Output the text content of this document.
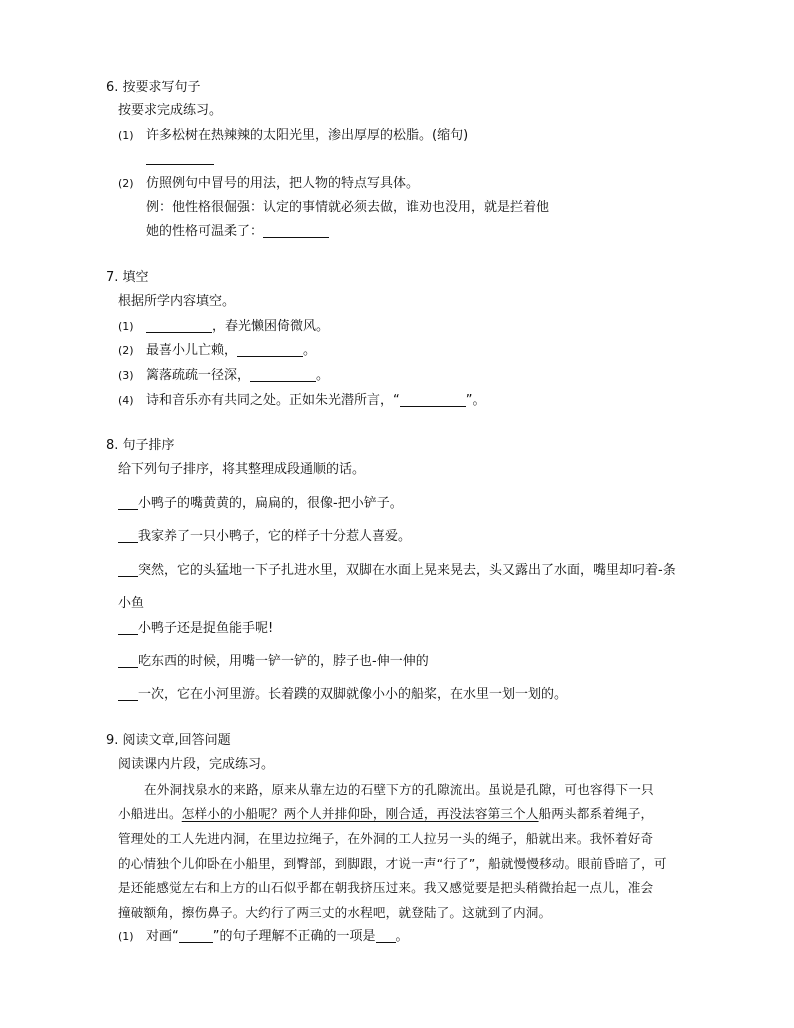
6. 按要求写句子
按要求完成练习。
(1) 许多松树在热辣辣的太阳光里，渗出厚厚的松脂。(缩句)
(2) 仿照例句中冒号的用法，把人物的特点写具体。
例：他性格很倔强：认定的事情就必须去做，谁劝也没用，就是拦着他
她的性格可温柔了：
7. 填空
根据所学内容填空。
(1)	，春光懒困倚微风。
(2) 最喜小儿亡赖，	。
(3) 篱落疏疏一径深，	。
(4) 诗和音乐亦有共同之处。正如朱光潜所言，“	”。
8. 句子排序
给下列句子排序，将其整理成段通顺的话。
小鸭子的嘴黄黄的，扁扁的，很像-把小铲子。
我家养了一只小鸭子，它的样子十分惹人喜爱。
突然，它的头猛地一下子扎进水里，双脚在水面上晃来晃去，头又露出了水面，嘴里却叼着-条
小鱼
小鸭子还是捉鱼能手呢!
吃东西的时候，用嘴一铲一铲的，脖子也-伸一伸的
一次，它在小河里游。长着蹼的双脚就像小小的船桨，在水里一划一划的。
9. 阅读文章,回答问题
阅读课内片段，完成练习。
在外洞找泉水的来路，原来从靠左边的石壁下方的孔隙流出。虽说是孔隙，可也容得下一只
小船进出。怎样小的小船呢？两个人并排仰卧，刚合适，再没法容第三个人船两头都系着绳子，
管理处的工人先进内洞，在里边拉绳子，在外洞的工人拉另一头的绳子，船就出来。我怀着好奇
的心情独个儿仰卧在小船里，到臀部，到脚跟，才说一声“行了”，船就慢慢移动。眼前昏暗了，可
是还能感觉左右和上方的山石似乎都在朝我挤压过来。我又感觉要是把头稍微抬起一点儿，准会
撞破额角，擦伤鼻子。大约行了两三丈的水程吧，就登陆了。这就到了内洞。
(1) 对画“	”的句子理解不正确的一项是 。
